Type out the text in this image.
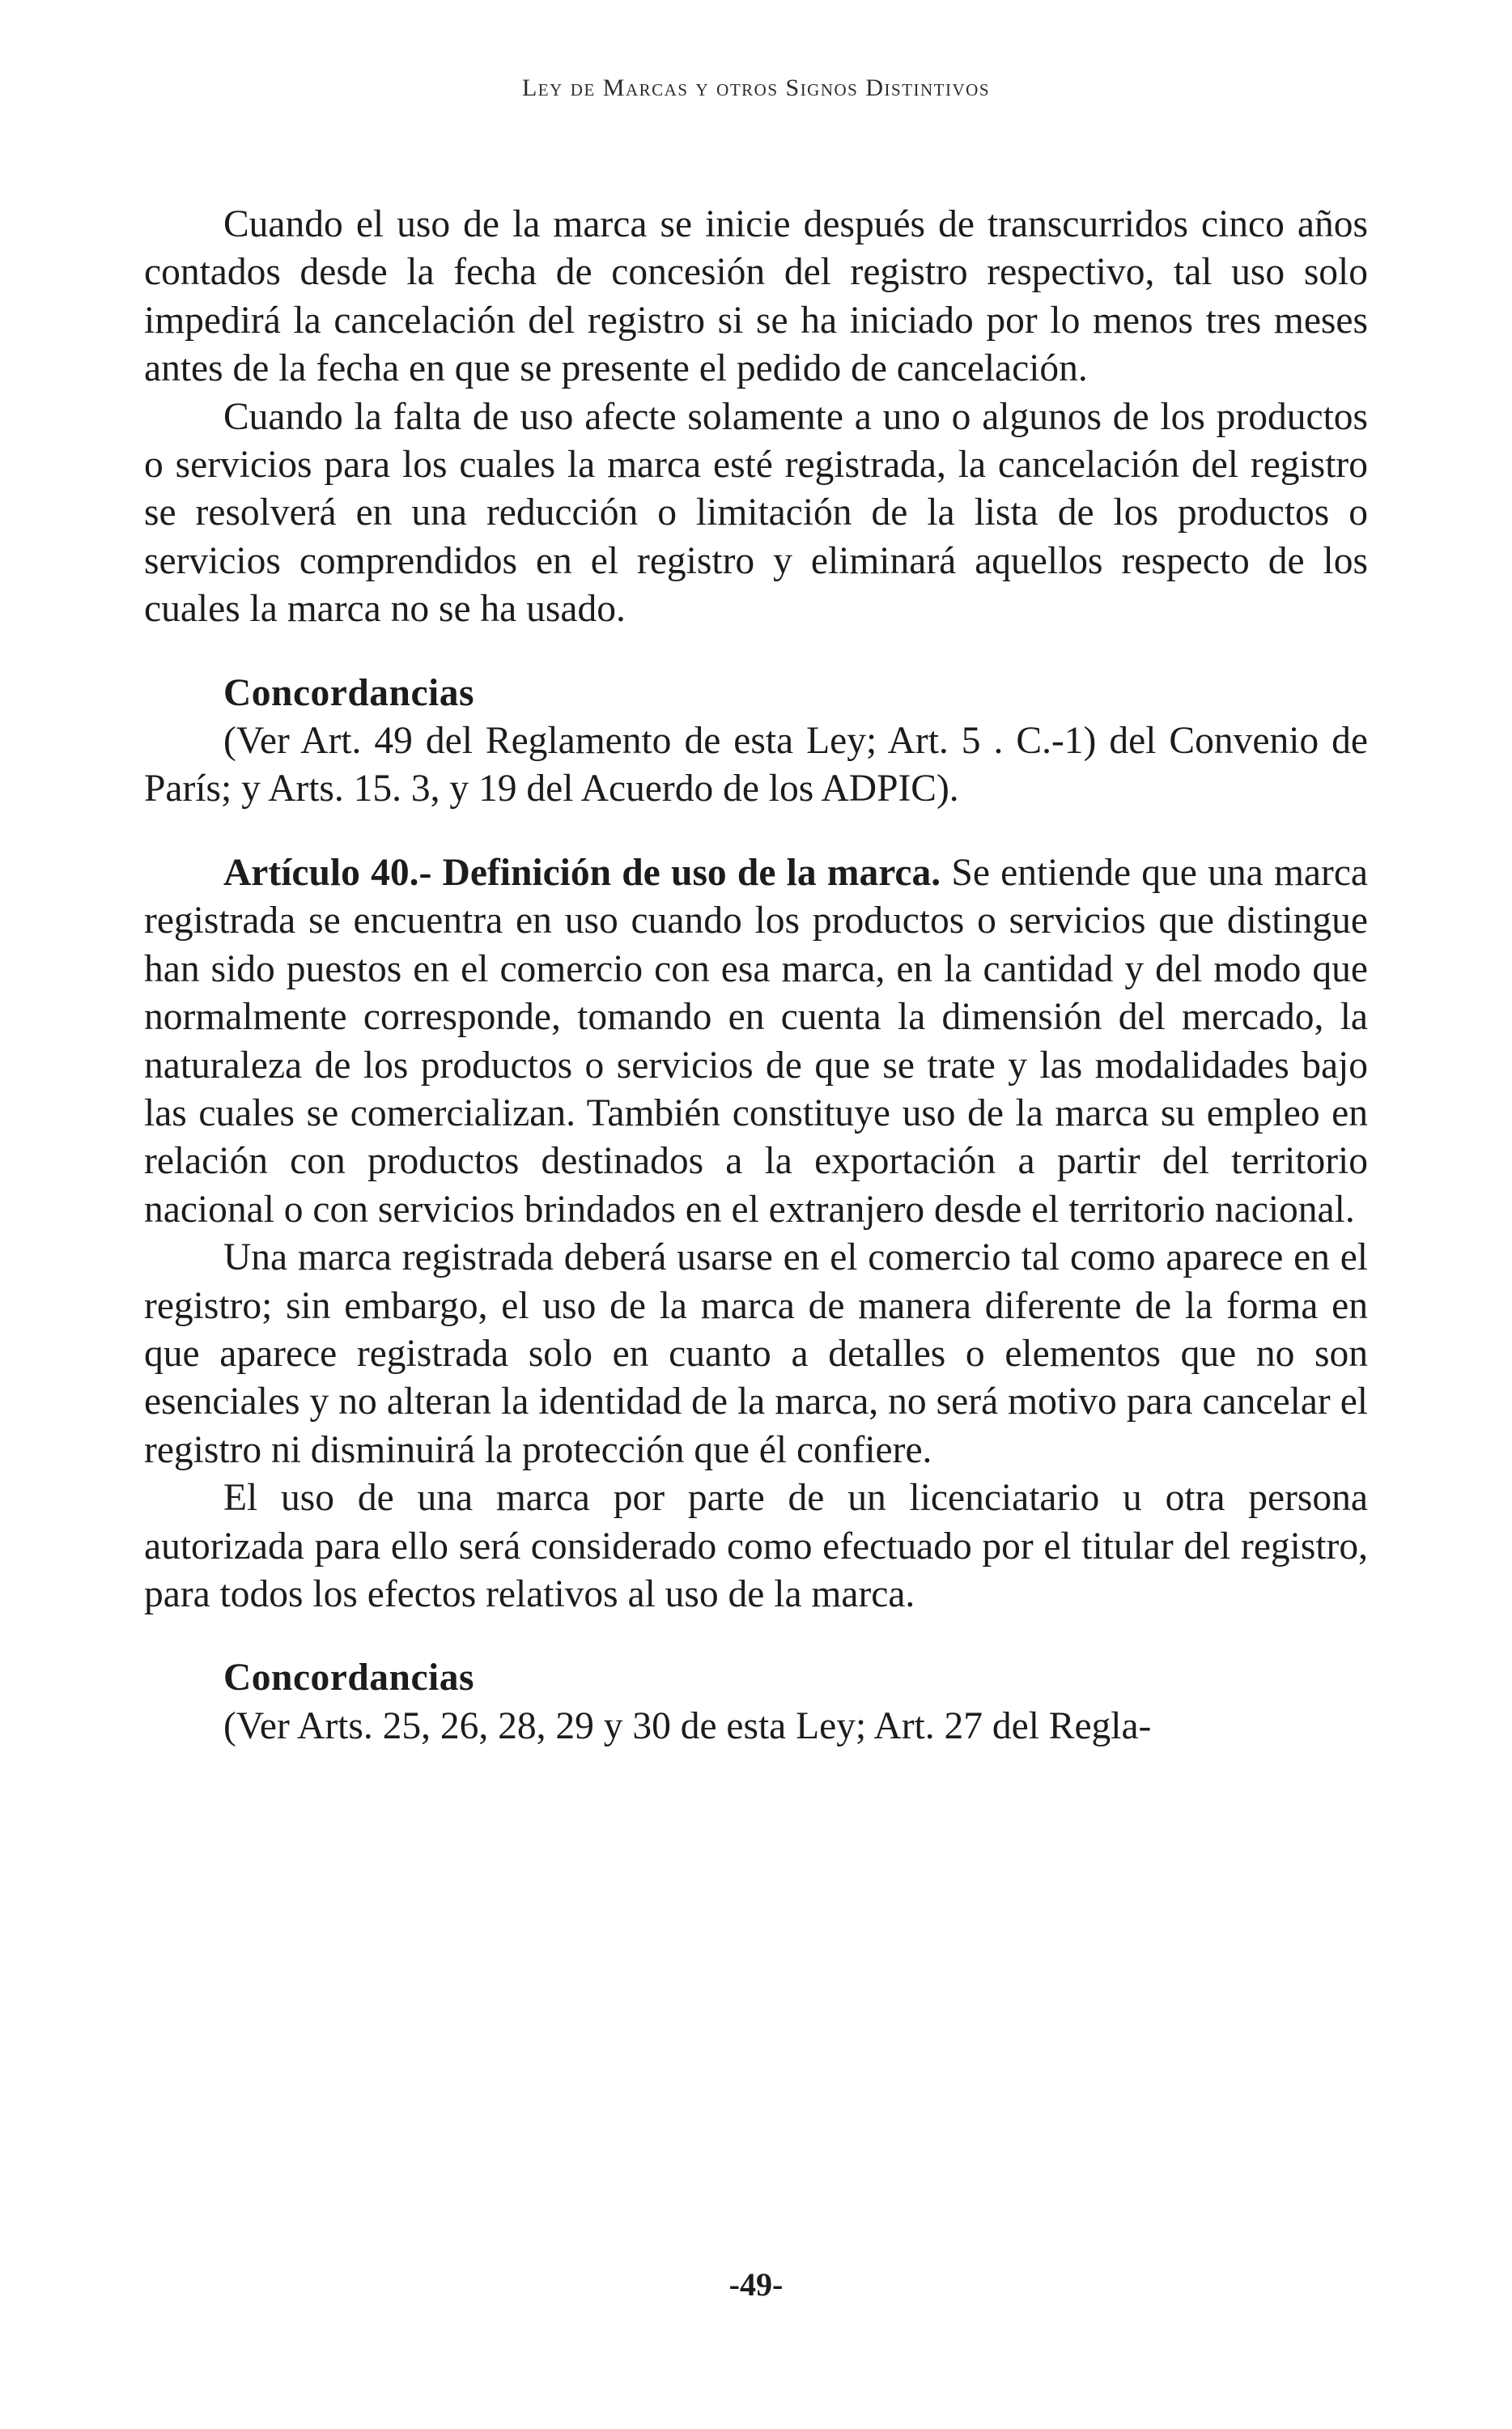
Ley de Marcas y otros Signos Distintivos

Cuando el uso de la marca se inicie después de transcurridos cinco años contados desde la fecha de concesión del registro respectivo, tal uso solo impedirá la cancelación del registro si se ha iniciado por lo menos tres meses antes de la fecha en que se presente el pedido de cancelación.

Cuando la falta de uso afecte solamente a uno o algunos de los productos o servicios para los cuales la marca esté registrada, la cancelación del registro se resolverá en una reducción o limitación de la lista de los productos o servicios comprendidos en el registro y eliminará aquellos respecto de los cuales la marca no se ha usado.

Concordancias

(Ver Art. 49 del Reglamento de esta Ley; Art. 5 . C.-1) del Convenio de París; y Arts. 15. 3, y 19 del Acuerdo de los ADPIC).

Artículo 40.- Definición de uso de la marca. Se entiende que una marca registrada se encuentra en uso cuando los productos o servicios que distingue han sido puestos en el comercio con esa marca, en la cantidad y del modo que normalmente corresponde, tomando en cuenta la dimensión del mercado, la naturaleza de los productos o servicios de que se trate y las modalidades bajo las cuales se comercializan. También constituye uso de la marca su empleo en relación con productos destinados a la exportación a partir del territorio nacional o con servicios brindados en el extranjero desde el territorio nacional.

Una marca registrada deberá usarse en el comercio tal como aparece en el registro; sin embargo, el uso de la marca de manera diferente de la forma en que aparece registrada solo en cuanto a detalles o elementos que no son esenciales y no alteran la identidad de la marca, no será motivo para cancelar el registro ni disminuirá la protección que él confiere.

El uso de una marca por parte de un licenciatario u otra persona autorizada para ello será considerado como efectuado por el titular del registro, para todos los efectos relativos al uso de la marca.

Concordancias

(Ver Arts. 25, 26, 28, 29 y 30 de esta Ley; Art. 27 del Regla-

-49-
